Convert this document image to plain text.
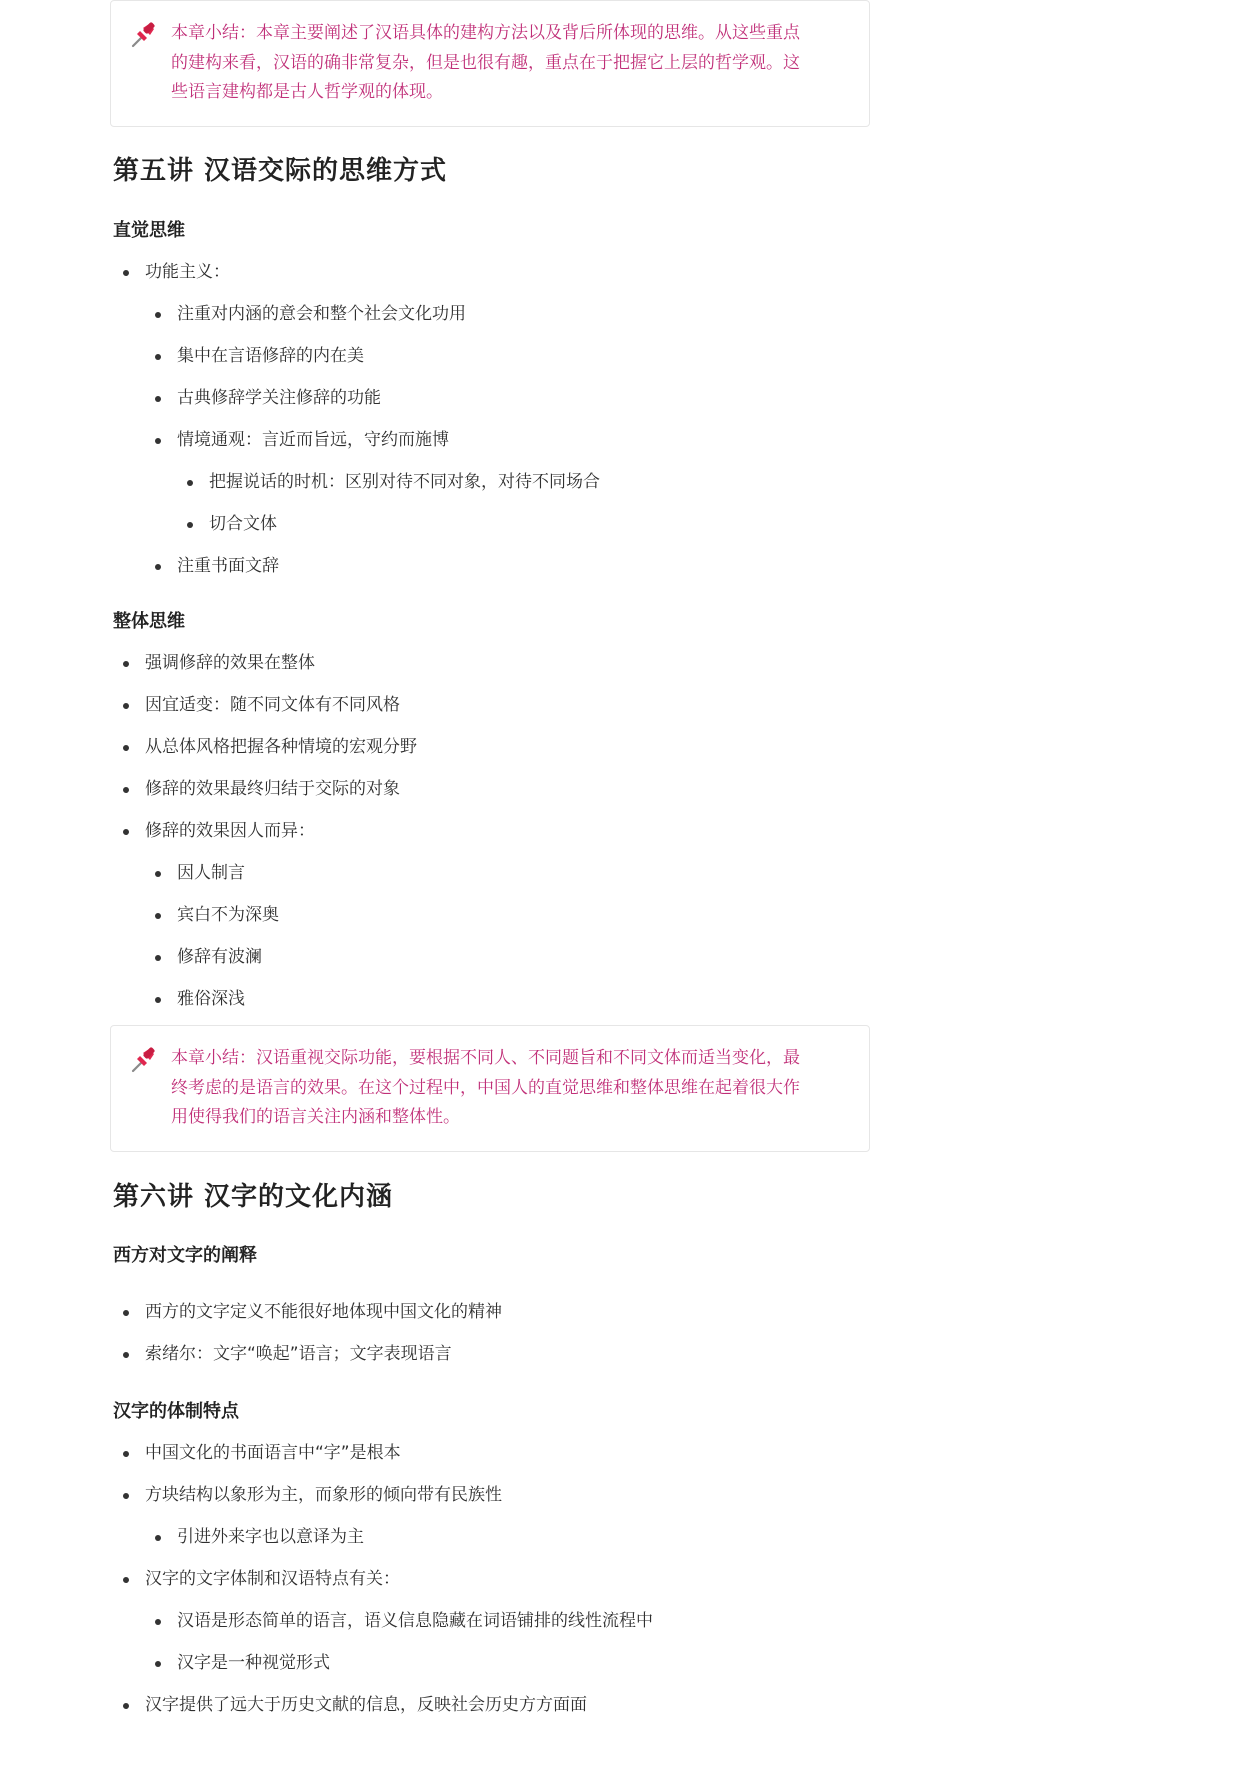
本章小结：本章主要阐述了汉语具体的建构方法以及背后所体现的思维。从这些重点

的建构来看，汉语的确非常复杂，但是也很有趣，重点在于把握它上层的哲学观。这

些语言建构都是古人哲学观的体现。

第五讲 汉语交际的思维方式
直觉思维
功能主义：
注重对内涵的意会和整个社会文化功用
集中在言语修辞的内在美
古典修辞学关注修辞的功能
情境通观：言近而旨远，守约而施博
把握说话的时机：区别对待不同对象，对待不同场合
切合文体
注重书面文辞
整体思维
强调修辞的效果在整体
因宜适变：随不同文体有不同风格
从总体风格把握各种情境的宏观分野
修辞的效果最终归结于交际的对象
修辞的效果因人而异：
因人制言
宾白不为深奥
修辞有波澜
雅俗深浅

本章小结：汉语重视交际功能，要根据不同人、不同题旨和不同文体而适当变化，最

终考虑的是语言的效果。在这个过程中，中国人的直觉思维和整体思维在起着很大作

用使得我们的语言关注内涵和整体性。

第六讲 汉字的文化内涵
西方对文字的阐释
西方的文字定义不能很好地体现中国文化的精神
索绪尔：文字“唤起”语言；文字表现语言
汉字的体制特点
中国文化的书面语言中“字”是根本
方块结构以象形为主，而象形的倾向带有民族性
引进外来字也以意译为主
汉字的文字体制和汉语特点有关：
汉语是形态简单的语言，语义信息隐藏在词语铺排的线性流程中
汉字是一种视觉形式
汉字提供了远大于历史文献的信息，反映社会历史方方面面
